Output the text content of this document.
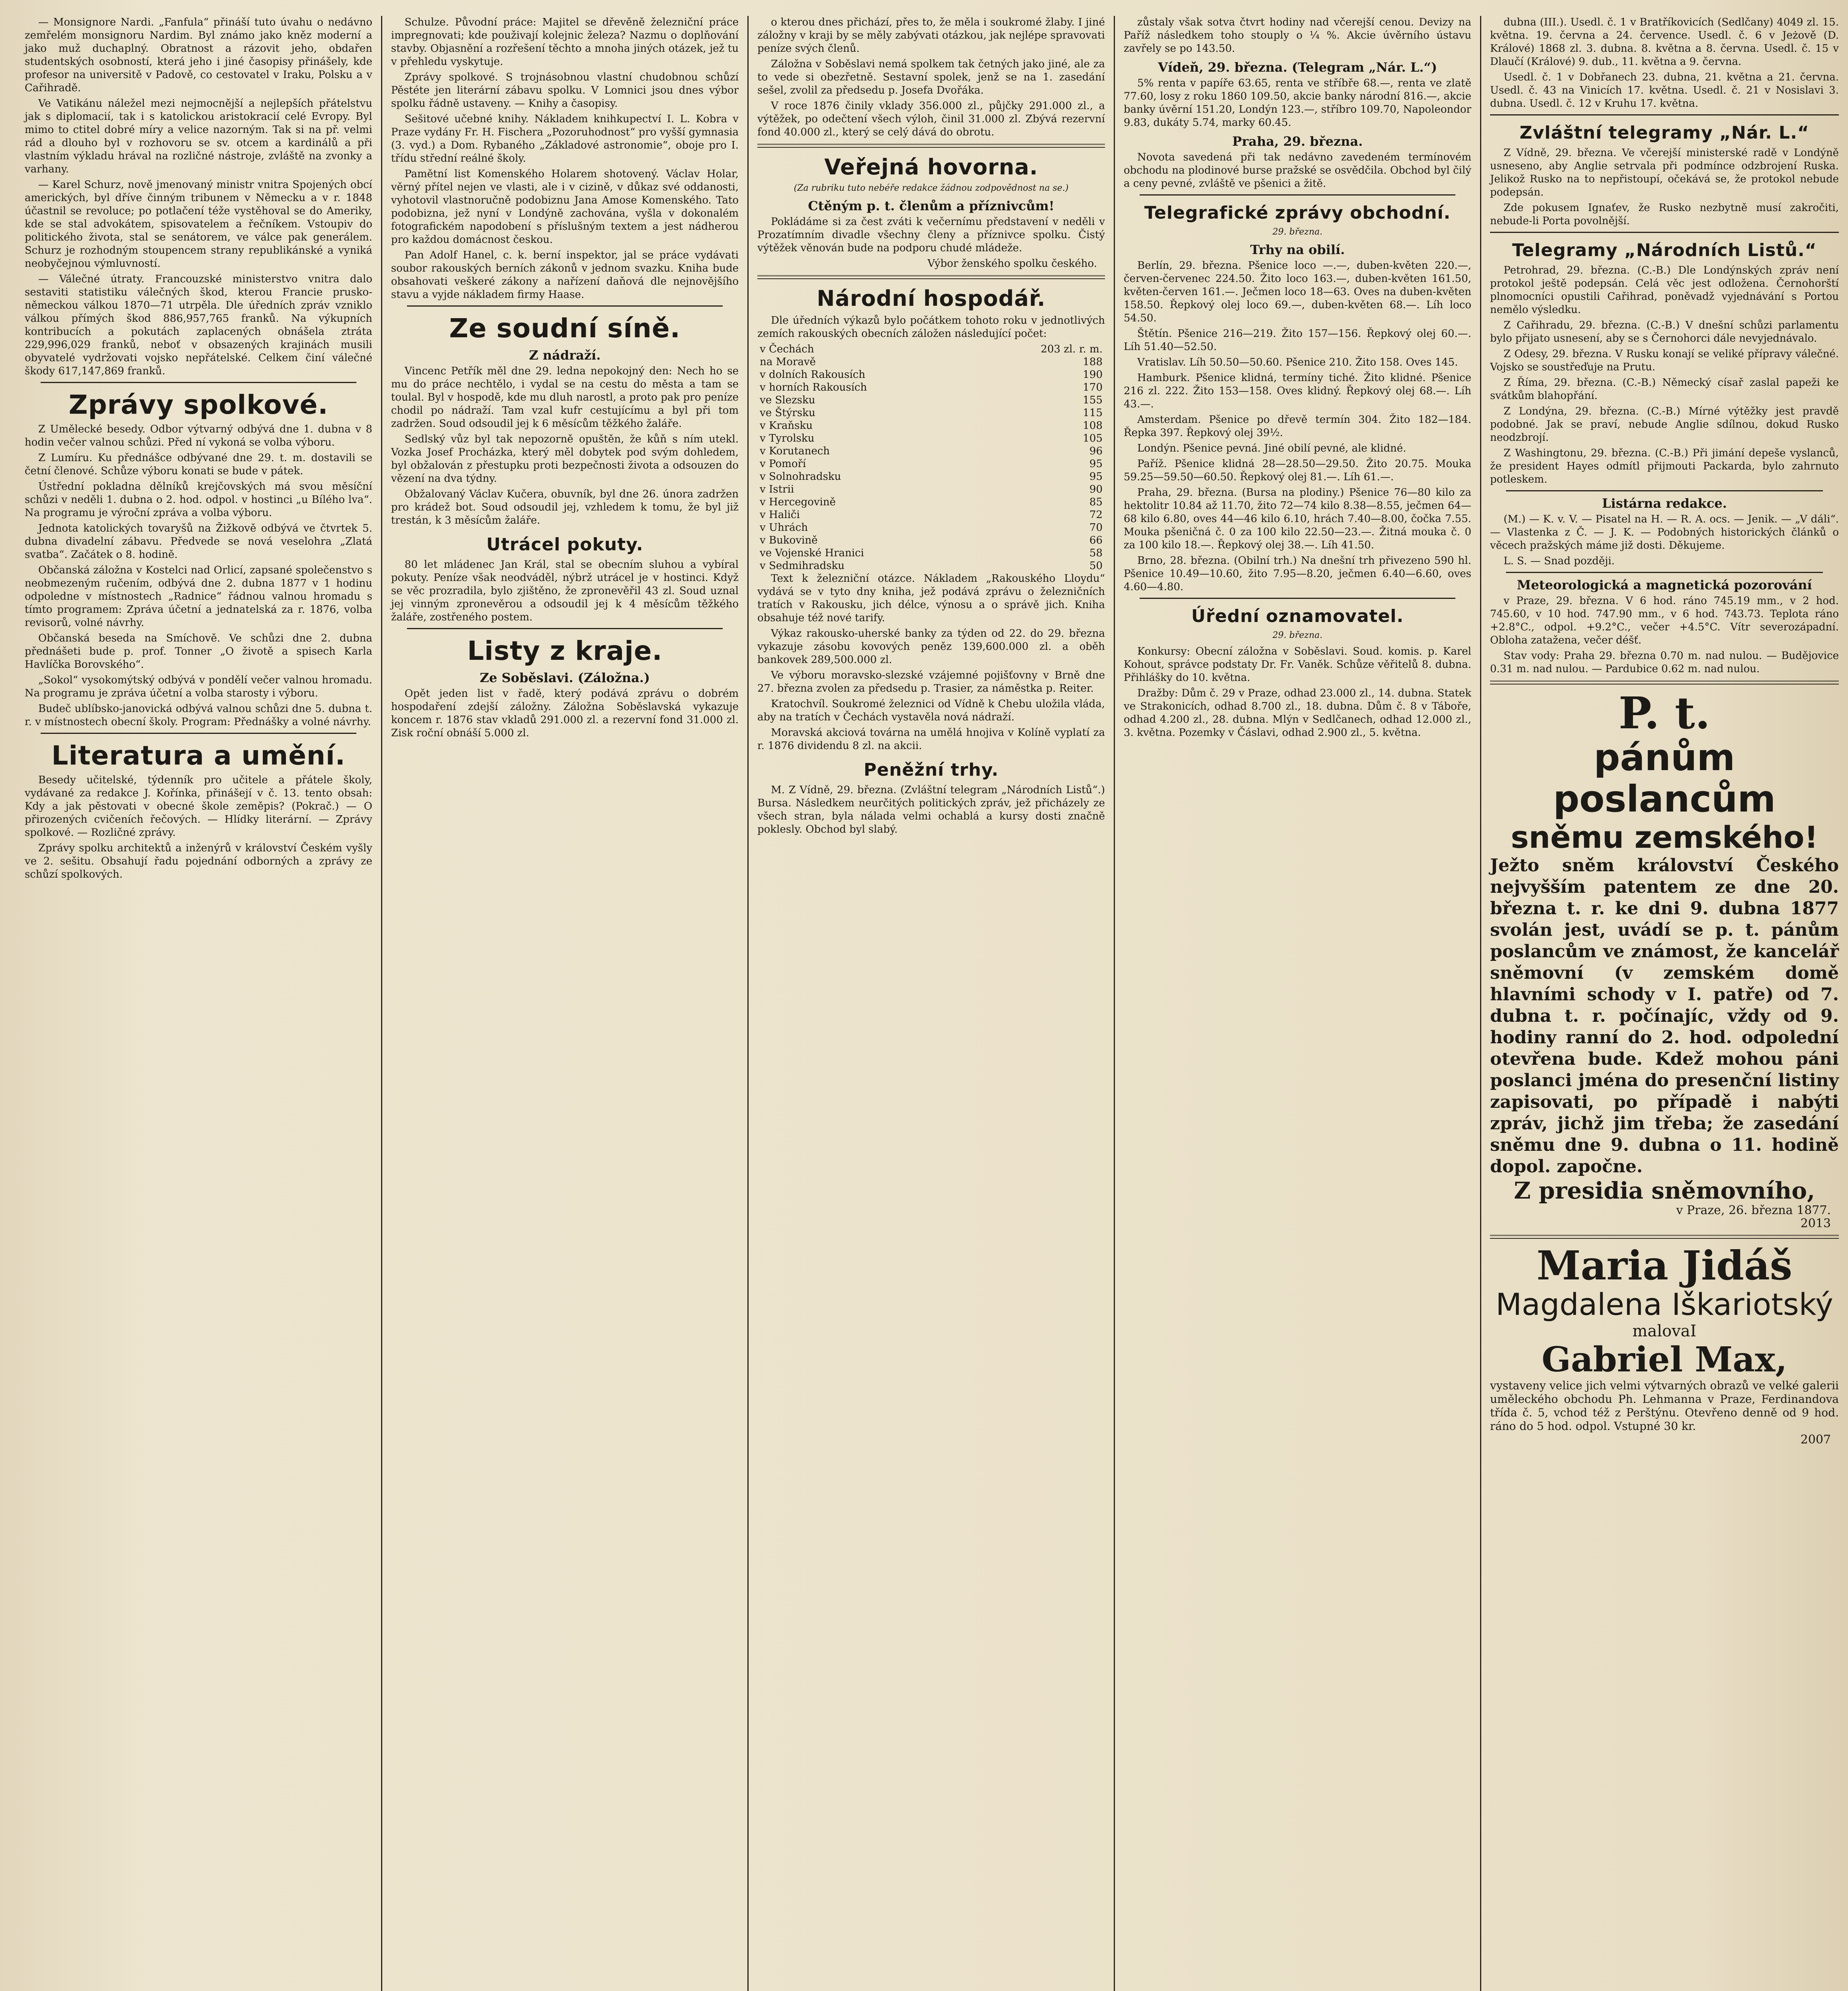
— Monsignore Nardi. „Fanfula“ přináší tuto úvahu o nedávno zemřelém monsignoru Nardim. Byl známo jako kněz moderní a jako muž duchaplný. Obratnost a rázovit jeho, obdařen studentských osobností, která jeho i jiné časopisy přinášely, kde profesor na universitě v Padově, co cestovatel v Iraku, Polsku a v Cařihradě.

Ve Vatikánu náležel mezi nejmocnější a nejlepších přátelstvu jak s diplomacií, tak i s katolickou aristokracií celé Evropy. Byl mimo to ctitel dobré míry a velice nazorným. Tak si na př. velmi rád a dlouho byl v rozhovoru se sv. otcem a kardinálů a při vlastním výkladu hrával na rozličné nástroje, zvláště na zvonky a varhany.

— Karel Schurz, nově jmenovaný ministr vnitra Spojených obcí amerických, byl dříve činným tribunem v Německu a v r. 1848 účastnil se revoluce; po potlačení téže vystěhoval se do Ameriky, kde se stal advokátem, spisovatelem a řečníkem. Vstoupiv do politického života, stal se senátorem, ve válce pak generálem. Schurz je rozhodným stoupencem strany republikánské a vyniká neobyčejnou výmluvností.

— Válečné útraty. Francouzské ministerstvo vnitra dalo sestaviti statistiku válečných škod, kterou Francie prusko-německou válkou 1870—71 utrpěla. Dle úředních zpráv vzniklo válkou přímých škod 886,957,765 franků. Na výkupních kontribucích a pokutách zaplacených obnášela ztráta 229,996,029 franků, neboť v obsazených krajinách musili obyvatelé vydržovati vojsko nepřátelské. Celkem činí válečné škody 617,147,869 franků.

Zprávy spolkové.

Z Umělecké besedy. Odbor výtvarný odbývá dne 1. dubna v 8 hodin večer valnou schůzi. Před ní vykoná se volba výboru.

Z Lumíru. Ku přednášce odbývané dne 29. t. m. dostavili se četní členové. Schůze výboru konati se bude v pátek.

Ústřední pokladna dělníků krejčovských má svou měsíční schůzi v neděli 1. dubna o 2. hod. odpol. v hostinci „u Bílého lva“. Na programu je výroční zpráva a volba výboru.

Jednota katolických tovaryšů na Žižkově odbývá ve čtvrtek 5. dubna divadelní zábavu. Předvede se nová veselohra „Zlatá svatba“. Začátek o 8. hodině.

Občanská záložna v Kostelci nad Orlicí, zapsané společenstvo s neobmezeným ručením, odbývá dne 2. dubna 1877 v 1 hodinu odpoledne v místnostech „Radnice“ řádnou valnou hromadu s tímto programem: Zpráva účetní a jednatelská za r. 1876, volba revisorů, volné návrhy.

Občanská beseda na Smíchově. Ve schůzi dne 2. dubna přednášeti bude p. prof. Tonner „O životě a spisech Karla Havlíčka Borovského“.

„Sokol“ vysokomýtský odbývá v pondělí večer valnou hromadu. Na programu je zpráva účetní a volba starosty i výboru.

Budeč ublíbsko-janovická odbývá valnou schůzi dne 5. dubna t. r. v místnostech obecní školy. Program: Přednášky a volné návrhy.

Literatura a umění.

Besedy učitelské, týdenník pro učitele a přátele školy, vydávané za redakce J. Kořínka, přinášejí v č. 13. tento obsah: Kdy a jak pěstovati v obecné škole zeměpis? (Pokrač.) — O přirozených cvičeních řečových. — Hlídky literární. — Zprávy spolkové. — Rozličné zprávy.

Zprávy spolku architektů a inženýrů v království Českém vyšly ve 2. sešitu. Obsahují řadu pojednání odborných a zprávy ze schůzí spolkových.

Schulze. Původní práce: Majitel se dřevěně železniční práce impregnovati; kde použivají kolejnic železa? Nazmu o doplňování stavby. Objasnění a rozřešení těchto a mnoha jiných otázek, jež tu v přehledu vyskytuje.

Zprávy spolkové. S trojnásobnou vlastní chudobnou schůzí Pěstéte jen literární zábavu spolku. V Lomnici jsou dnes výbor spolku řádně ustaveny. — Knihy a časopisy.

Sešitové učebné knihy. Nákladem knihkupectví I. L. Kobra v Praze vydány Fr. H. Fischera „Pozoruhodnost“ pro vyšší gymnasia (3. vyd.) a Dom. Rybaného „Základové astronomie“, oboje pro I. třídu střední reálné školy.

Pamětní list Komenského Holarem shotovený. Václav Holar, věrný přítel nejen ve vlasti, ale i v cizině, v důkaz své oddanosti, vyhotovil vlastnoručně podobiznu Jana Amose Komenského. Tato podobizna, jež nyní v Londýně zachována, vyšla v dokonalém fotografickém napodobení s příslušným textem a jest nádherou pro každou domácnost českou.

Pan Adolf Hanel, c. k. berní inspektor, jal se práce vydávati soubor rakouských berních zákonů v jednom svazku. Kniha bude obsahovati veškeré zákony a nařízení daňová dle nejnovějšího stavu a vyjde nákladem firmy Haase.

Ze soudní síně.
Z nádraží.

Vincenc Petřík měl dne 29. ledna nepokojný den: Nech ho se mu do práce nechtělo, i vydal se na cestu do města a tam se toulal. Byl v hospodě, kde mu dluh narostl, a proto pak pro peníze chodil po nádraží. Tam vzal kufr cestujícímu a byl při tom zadržen. Soud odsoudil jej k 6 měsícům těžkého žaláře.

Sedlský vůz byl tak nepozorně opuštěn, že kůň s ním utekl. Vozka Josef Procházka, který měl dobytek pod svým dohledem, byl obžalován z přestupku proti bezpečnosti života a odsouzen do vězení na dva týdny.

Obžalovaný Václav Kučera, obuvník, byl dne 26. února zadržen pro krádež bot. Soud odsoudil jej, vzhledem k tomu, že byl již trestán, k 3 měsícům žaláře.

Utrácel pokuty.

80 let mládenec Jan Král, stal se obecním sluhou a vybíral pokuty. Peníze však neodváděl, nýbrž utrácel je v hostinci. Když se věc prozradila, bylo zjištěno, že zpronevěřil 43 zl. Soud uznal jej vinným zpronevěrou a odsoudil jej k 4 měsícům těžkého žaláře, zostřeného postem.

Listy z kraje.
Ze Soběslavi. (Záložna.)

Opět jeden list v řadě, který podává zprávu o dobrém hospodaření zdejší záložny. Záložna Soběslavská vykazuje koncem r. 1876 stav vkladů 291.000 zl. a rezervní fond 31.000 zl. Zisk roční obnáší 5.000 zl.

o kterou dnes přichází, přes to, že měla i soukromé žlaby. I jiné záložny v kraji by se měly zabývati otázkou, jak nejlépe spravovati peníze svých členů.

Záložna v Soběslavi nemá spolkem tak četných jako jiné, ale za to vede si obezřetně. Sestavní spolek, jenž se na 1. zasedání sešel, zvolil za předsedu p. Josefa Dvořáka.

V roce 1876 činily vklady 356.000 zl., půjčky 291.000 zl., a výtěžek, po odečtení všech výloh, činil 31.000 zl. Zbývá rezervní fond 40.000 zl., který se celý dává do obrotu.

Veřejná hovorna.
(Za rubriku tuto nebéře redakce žádnou zodpovědnost na se.)
Ctěným p. t. členům a příznivcům!

Pokládáme si za čest zváti k večernímu představení v neděli v Prozatímním divadle všechny členy a příznivce spolku. Čistý výtěžek věnován bude na podporu chudé mládeže.

Výbor ženského spolku českého.
Národní hospodář.

Dle úředních výkazů bylo počátkem tohoto roku v jednotlivých zemích rakouských obecních záložen následující počet:

v Čechách	203 zl. r. m.
na Moravě	188
v dolních Rakousích	190
v horních Rakousích	170
ve Slezsku	155
ve Štýrsku	115
v Kraňsku	108
v Tyrolsku	105
v Korutanech	96
v Pomoří	95
v Solnohradsku	95
v Istrii	90
v Hercegovině	85
v Haliči	72
v Uhrách	70
v Bukovině	66
ve Vojenské Hranici	58
v Sedmihradsku	50

Text k železniční otázce. Nákladem „Rakouského Lloydu“ vydává se v tyto dny kniha, jež podává zprávu o železničních tratích v Rakousku, jich délce, výnosu a o správě jich. Kniha obsahuje též nové tarify.

Výkaz rakousko-uherské banky za týden od 22. do 29. března vykazuje zásobu kovových peněz 139,600.000 zl. a oběh bankovek 289,500.000 zl.

Ve výboru moravsko-slezské vzájemné pojišťovny v Brně dne 27. března zvolen za předsedu p. Trasier, za náměstka p. Reiter.

Kratochvíl. Soukromé železnici od Vídně k Chebu uložila vláda, aby na tratích v Čechách vystavěla nová nádraží.

Moravská akciová továrna na umělá hnojiva v Kolíně vyplatí za r. 1876 dividendu 8 zl. na akcii.

Peněžní trhy.

M. Z Vídně, 29. března. (Zvláštní telegram „Národních Listů“.) Bursa. Následkem neurčitých politických zpráv, jež přicházely ze všech stran, byla nálada velmi ochablá a kursy dosti značně poklesly. Obchod byl slabý.

zůstaly však sotva čtvrt hodiny nad včerejší cenou. Devizy na Paříž následkem toho stouply o ¼ %. Akcie úvěrního ústavu zavřely se po 143.50.

Vídeň, 29. března. (Telegram „Nár. L.“)

5% renta v papíře 63.65, renta ve stříbře 68.—, renta ve zlatě 77.60, losy z roku 1860 109.50, akcie banky národní 816.—, akcie banky úvěrní 151.20, Londýn 123.—, stříbro 109.70, Napoleondor 9.83, dukáty 5.74, marky 60.45.

Praha, 29. března.

Novota savedená při tak nedávno zavedeném termínovém obchodu na plodinové burse pražské se osvědčila. Obchod byl čilý a ceny pevné, zvláště ve pšenici a žitě.

Telegrafické zprávy obchodní.
29. března.
Trhy na obilí.

Berlín, 29. března. Pšenice loco —.—, duben-květen 220.—, červen-červenec 224.50. Žito loco 163.—, duben-květen 161.50, květen-červen 161.—. Ječmen loco 18—63. Oves na duben-květen 158.50. Řepkový olej loco 69.—, duben-květen 68.—. Líh loco 54.50.

Štětín. Pšenice 216—219. Žito 157—156. Řepkový olej 60.—. Líh 51.40—52.50.

Vratislav. Líh 50.50—50.60. Pšenice 210. Žito 158. Oves 145.

Hamburk. Pšenice klidná, termíny tiché. Žito klidné. Pšenice 216 zl. 222. Žito 153—158. Oves klidný. Řepkový olej 68.—. Líh 43.—.

Amsterdam. Pšenice po dřevě termín 304. Žito 182—184. Řepka 397. Řepkový olej 39½.

Londýn. Pšenice pevná. Jiné obilí pevné, ale klidné.

Paříž. Pšenice klidná 28—28.50—29.50. Žito 20.75. Mouka 59.25—59.50—60.50. Řepkový olej 81.—. Líh 61.—.

Praha, 29. března. (Bursa na plodiny.) Pšenice 76—80 kilo za hektolitr 10.84 až 11.70, žito 72—74 kilo 8.38—8.55, ječmen 64—68 kilo 6.80, oves 44—46 kilo 6.10, hrách 7.40—8.00, čočka 7.55. Mouka pšeničná č. 0 za 100 kilo 22.50—23.—. Žitná mouka č. 0 za 100 kilo 18.—. Řepkový olej 38.—. Líh 41.50.

Brno, 28. března. (Obilní trh.) Na dnešní trh přivezeno 590 hl. Pšenice 10.49—10.60, žito 7.95—8.20, ječmen 6.40—6.60, oves 4.60—4.80.

Úřední oznamovatel.
29. března.

Konkursy: Obecní záložna v Soběslavi. Soud. komis. p. Karel Kohout, správce podstaty Dr. Fr. Vaněk. Schůze věřitelů 8. dubna. Přihlášky do 10. května.

Dražby: Dům č. 29 v Praze, odhad 23.000 zl., 14. dubna. Statek ve Strakonicích, odhad 8.700 zl., 18. dubna. Dům č. 8 v Táboře, odhad 4.200 zl., 28. dubna. Mlýn v Sedlčanech, odhad 12.000 zl., 3. května. Pozemky v Čáslavi, odhad 2.900 zl., 5. května.

dubna (III.). Usedl. č. 1 v Bratříkovicích (Sedlčany) 4049 zl. 15. května. 19. června a 24. července. Usedl. č. 6 v Jeżově (D. Králové) 1868 zl. 3. dubna. 8. května a 8. června. Usedl. č. 15 v Dlaučí (Králové) 9. dub., 11. května a 9. června.

Usedl. č. 1 v Dobřanech 23. dubna, 21. května a 21. června. Usedl. č. 43 na Vinicích 17. května. Usedl. č. 21 v Nosislavi 3. dubna. Usedl. č. 12 v Kruhu 17. května.

Zvláštní telegramy „Nár. L.“

Z Vídně, 29. března. Ve včerejší ministerské radě v Londýně usneseno, aby Anglie setrvala při podmínce odzbrojení Ruska. Jelikož Rusko na to nepřistoupí, očekává se, že protokol nebude podepsán.

Zde pokusem Ignaťev, že Rusko nezbytně musí zakročiti, nebude-li Porta povolnější.

Telegramy „Národních Listů.“

Petrohrad, 29. března. (C.-B.) Dle Londýnských zpráv není protokol ještě podepsán. Celá věc jest odložena. Černohorští plnomocníci opustili Cařihrad, poněvadž vyjednávání s Portou nemělo výsledku.

Z Cařihradu, 29. března. (C.-B.) V dnešní schůzi parlamentu bylo přijato usnesení, aby se s Černohorci dále nevyjednávalo.

Z Odesy, 29. března. V Rusku konají se veliké přípravy válečné. Vojsko se soustřeďuje na Prutu.

Z Říma, 29. března. (C.-B.) Německý císař zaslal papeži ke svátkům blahopřání.

Z Londýna, 29. března. (C.-B.) Mírné výtěžky jest pravdě podobné. Jak se praví, nebude Anglie sdílnou, dokud Rusko neodzbrojí.

Z Washingtonu, 29. března. (C.-B.) Při jimání depeše vyslanců, že president Hayes odmítl přijmouti Packarda, bylo zahrnuto potleskem.

Listárna redakce.

(M.) — K. v. V. — Pisatel na H. — R. A. ocs. — Jenik. — „V dáli“. — Vlastenka z Č. — J. K. — Podobných historických článků o věcech pražských máme již dosti. Děkujeme.

L. S. — Snad později.

Meteorologická a magnetická pozorování

v Praze, 29. března. V 6 hod. ráno 745.19 mm., v 2 hod. 745.60, v 10 hod. 747.90 mm., v 6 hod. 743.73. Teplota ráno +2.8°C., odpol. +9.2°C., večer +4.5°C. Vítr severozápadní. Obloha zatažena, večer déšť.

Stav vody: Praha 29. března 0.70 m. nad nulou. — Budějovice 0.31 m. nad nulou. — Pardubice 0.62 m. nad nulou.

P. t.
pánům poslancům
sněmu zemského!
Ježto sněm království Českého nejvyšším patentem ze dne 20. března t. r. ke dni 9. dubna 1877 svolán jest, uvádí se p. t. pánům poslancům ve známost, že kancelář sněmovní (v zemském domě hlavními schody v I. patře) od 7. dubna t. r. počínajíc, vždy od 9. hodiny ranní do 2. hod. odpolední otevřena bude. Kdež mohou páni poslanci jména do presenční listiny zapisovati, po případě i nabýti zpráv, jichž jim třeba; že zasedání sněmu dne 9. dubna o 11. hodině dopol. započne.
Z presidia sněmovního,
v Praze, 26. března 1877.
2013
Maria Jidáš
Magdalena Iškariotský
malovaI
Gabriel Max,
vystaveny velice jich velmi výtvarných obrazů ve velké galerii uměleckého obchodu Ph. Lehmanna v Praze, Ferdinandova třída č. 5, vchod též z Perštýnu. Otevřeno denně od 9 hod. ráno do 5 hod. odpol. Vstupné 30 kr.
2007
